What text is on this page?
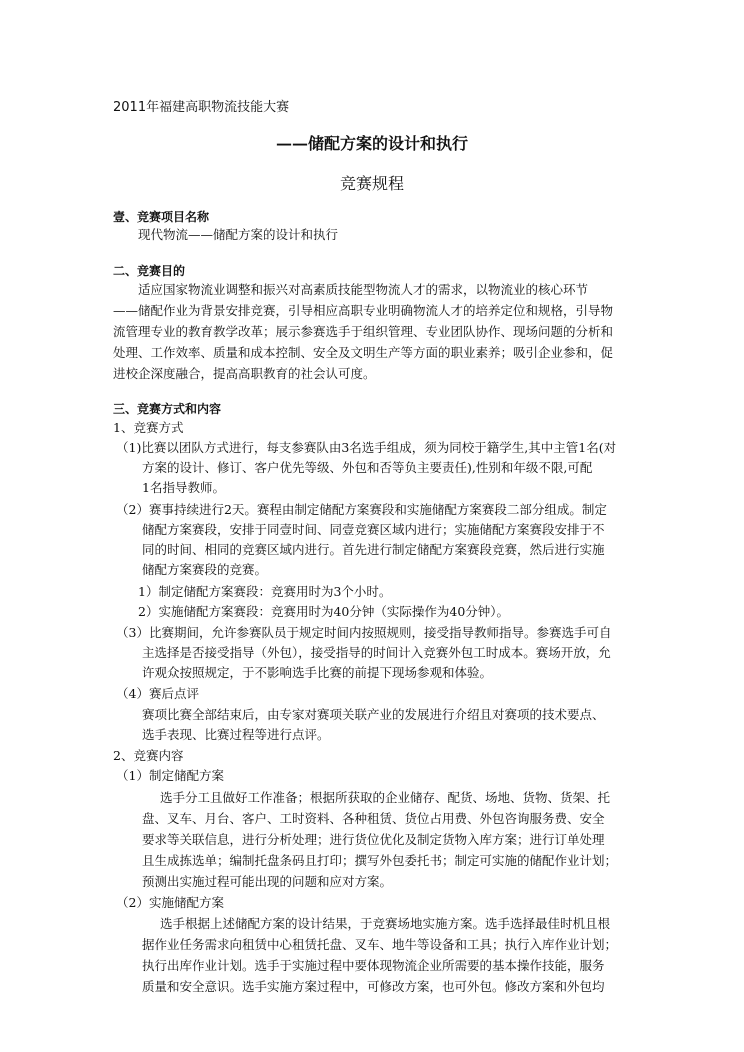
2011年福建高职物流技能大赛
——储配方案的设计和执行
竞赛规程
壹、竞赛项目名称
现代物流——储配方案的设计和执行
二、竞赛目的
适应国家物流业调整和振兴对高素质技能型物流人才的需求，以物流业的核心环节
——储配作业为背景安排竞赛，引导相应高职专业明确物流人才的培养定位和规格，引导物
流管理专业的教育教学改革；展示参赛选手于组织管理、专业团队协作、现场问题的分析和
处理、工作效率、质量和成本控制、安全及文明生产等方面的职业素养；吸引企业参和，促
进校企深度融合，提高高职教育的社会认可度。
三、竞赛方式和内容
1、竞赛方式
（1)比赛以团队方式进行，每支参赛队由3名选手组成，须为同校于籍学生,其中主管1名(对
方案的设计、修订、客户优先等级、外包和否等负主要责任),性别和年级不限,可配
1名指导教师。
（2）赛事持续进行2天。赛程由制定储配方案赛段和实施储配方案赛段二部分组成。制定
储配方案赛段，安排于同壹时间、同壹竞赛区域内进行；实施储配方案赛段安排于不
同的时间、相同的竞赛区域内进行。首先进行制定储配方案赛段竞赛，然后进行实施
储配方案赛段的竞赛。
1）制定储配方案赛段：竞赛用时为3个小时。
2）实施储配方案赛段：竞赛用时为40分钟（实际操作为40分钟）。
（3）比赛期间，允许参赛队员于规定时间内按照规则，接受指导教师指导。参赛选手可自
主选择是否接受指导（外包），接受指导的时间计入竞赛外包工时成本。赛场开放，允
许观众按照规定，于不影响选手比赛的前提下现场参观和体验。
（4）赛后点评
赛项比赛全部结束后，由专家对赛项关联产业的发展进行介绍且对赛项的技术要点、
选手表现、比赛过程等进行点评。
2、竞赛内容
（1）制定储配方案
选手分工且做好工作准备；根据所获取的企业储存、配货、场地、货物、货架、托
盘、叉车、月台、客户、工时资料、各种租赁、货位占用费、外包咨询服务费、安全
要求等关联信息，进行分析处理；进行货位优化及制定货物入库方案；进行订单处理
且生成拣选单；编制托盘条码且打印；撰写外包委托书；制定可实施的储配作业计划；
预测出实施过程可能出现的问题和应对方案。
（2）实施储配方案
选手根据上述储配方案的设计结果，于竞赛场地实施方案。选手选择最佳时机且根
据作业任务需求向租赁中心租赁托盘、叉车、地牛等设备和工具；执行入库作业计划；
执行出库作业计划。选手于实施过程中要体现物流企业所需要的基本操作技能，服务
质量和安全意识。选手实施方案过程中，可修改方案，也可外包。修改方案和外包均
